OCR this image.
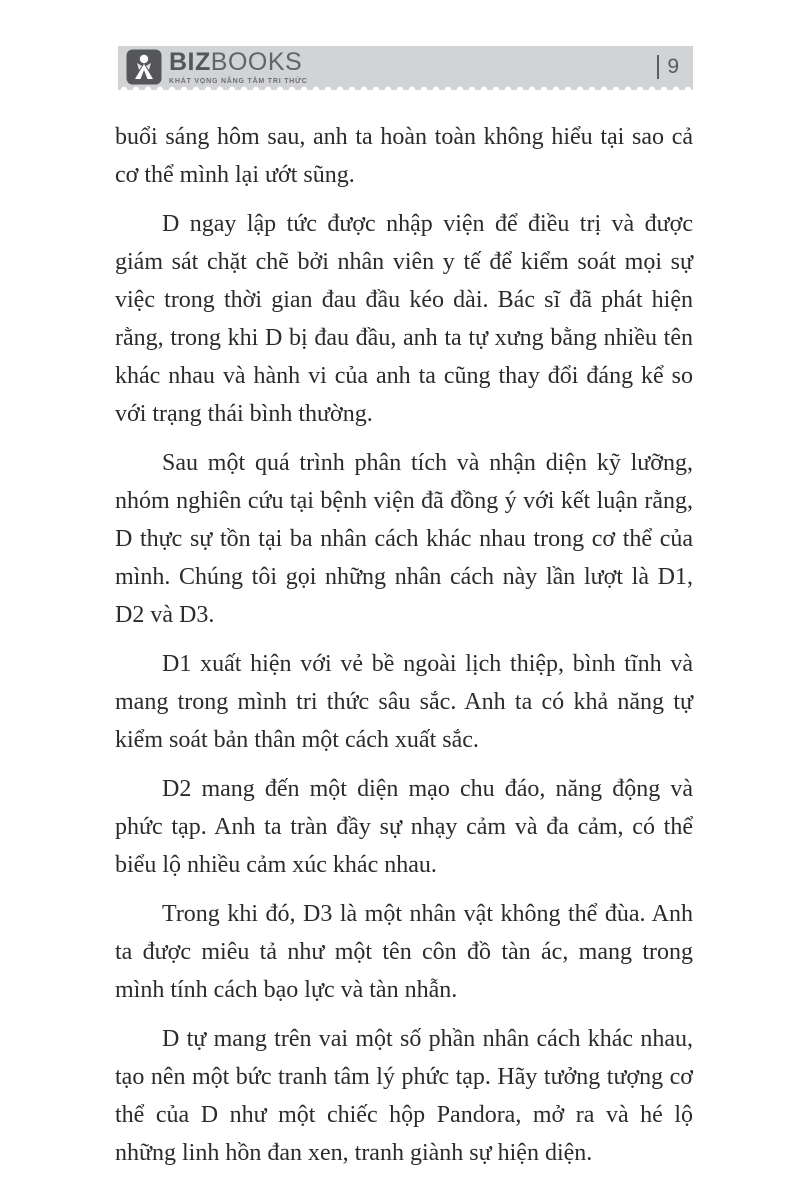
BIZBOOKS
KHÁT VỌNG NÂNG TẦM TRI THỨC
9

buổi sáng hôm sau, anh ta hoàn toàn không hiểu tại sao cả cơ thể mình lại ướt sũng.

D ngay lập tức được nhập viện để điều trị và được giám sát chặt chẽ bởi nhân viên y tế để kiểm soát mọi sự việc trong thời gian đau đầu kéo dài. Bác sĩ đã phát hiện rằng, trong khi D bị đau đầu, anh ta tự xưng bằng nhiều tên khác nhau và hành vi của anh ta cũng thay đổi đáng kể so với trạng thái bình thường.

Sau một quá trình phân tích và nhận diện kỹ lưỡng, nhóm nghiên cứu tại bệnh viện đã đồng ý với kết luận rằng, D thực sự tồn tại ba nhân cách khác nhau trong cơ thể của mình. Chúng tôi gọi những nhân cách này lần lượt là D1, D2 và D3.

D1 xuất hiện với vẻ bề ngoài lịch thiệp, bình tĩnh và mang trong mình tri thức sâu sắc. Anh ta có khả năng tự kiểm soát bản thân một cách xuất sắc.

D2 mang đến một diện mạo chu đáo, năng động và phức tạp. Anh ta tràn đầy sự nhạy cảm và đa cảm, có thể biểu lộ nhiều cảm xúc khác nhau.

Trong khi đó, D3 là một nhân vật không thể đùa. Anh ta được miêu tả như một tên côn đồ tàn ác, mang trong mình tính cách bạo lực và tàn nhẫn.

D tự mang trên vai một số phần nhân cách khác nhau, tạo nên một bức tranh tâm lý phức tạp. Hãy tưởng tượng cơ thể của D như một chiếc hộp Pandora, mở ra và hé lộ những linh hồn đan xen, tranh giành sự hiện diện.
